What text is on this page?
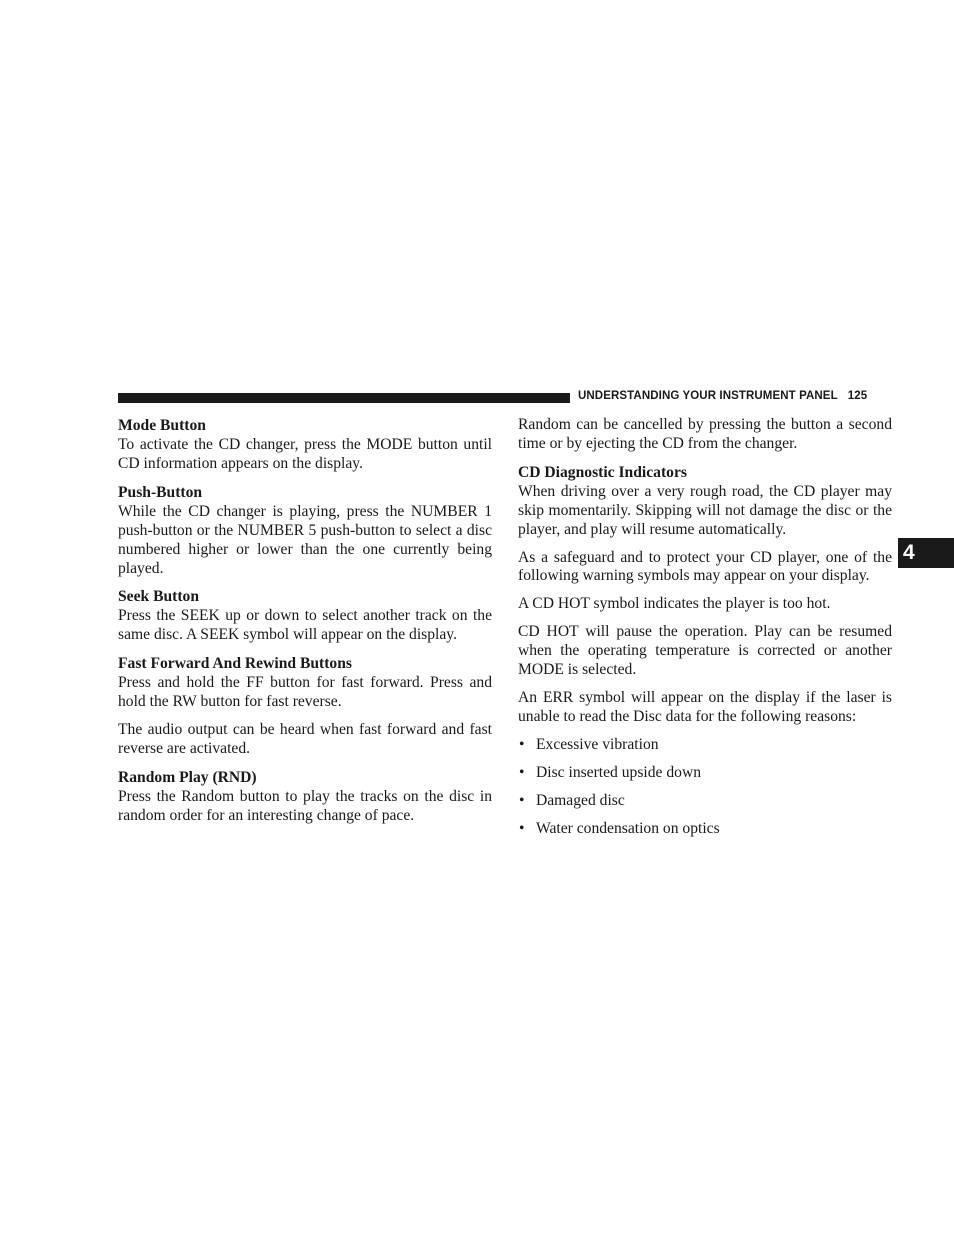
UNDERSTANDING YOUR INSTRUMENT PANEL 125
4
Mode Button

To activate the CD changer, press the MODE button until CD information appears on the display.

Push-Button

While the CD changer is playing, press the NUMBER 1 push-button or the NUMBER 5 push-button to select a disc numbered higher or lower than the one currently being played.

Seek Button

Press the SEEK up or down to select another track on the same disc. A SEEK symbol will appear on the display.

Fast Forward And Rewind Buttons

Press and hold the FF button for fast forward. Press and hold the RW button for fast reverse.

The audio output can be heard when fast forward and fast reverse are activated.

Random Play (RND)

Press the Random button to play the tracks on the disc in random order for an interesting change of pace.

Random can be cancelled by pressing the button a second time or by ejecting the CD from the changer.

CD Diagnostic Indicators

When driving over a very rough road, the CD player may skip momentarily. Skipping will not damage the disc or the player, and play will resume automatically.

As a safeguard and to protect your CD player, one of the following warning symbols may appear on your display.

A CD HOT symbol indicates the player is too hot.

CD HOT will pause the operation. Play can be resumed when the operating temperature is corrected or another MODE is selected.

An ERR symbol will appear on the display if the laser is unable to read the Disc data for the following reasons:

• Excessive vibration
• Disc inserted upside down
• Damaged disc
• Water condensation on optics
